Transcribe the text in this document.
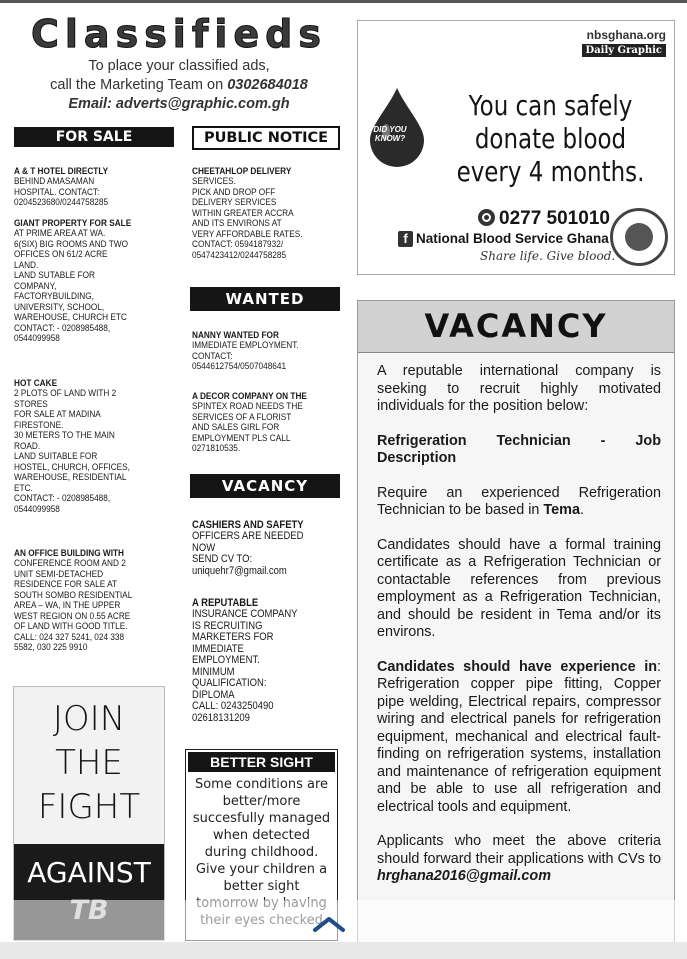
Classifieds
To place your classified ads,
call the Marketing Team on 0302684018
Email: adverts@graphic.com.gh
FOR SALE

A & T HOTEL DIRECTLY
BEHIND AMASAMAN
HOSPITAL. CONTACT:
0204523680/0244758285

GIANT PROPERTY FOR SALE
AT PRIME AREA AT WA.
6(SIX) BIG ROOMS AND TWO
OFFICES ON 61/2 ACRE
LAND.
LAND SUTABLE FOR
COMPANY,
FACTORYBUILDING,
UNIVERSITY, SCHOOL,
WAREHOUSE, CHURCH ETC
CONTACT: - 0208985488,
0544099958

HOT CAKE
2 PLOTS OF LAND WITH 2
STORES
FOR SALE AT MADINA
FIRESTONE.
30 METERS TO THE MAIN
ROAD.
LAND SUITABLE FOR
HOSTEL, CHURCH, OFFICES,
WAREHOUSE, RESIDENTIAL
ETC.
CONTACT: - 0208985488,
0544099958

AN OFFICE BUILDING WITH
CONFERENCE ROOM AND 2
UNIT SEMI-DETACHED
RESIDENCE FOR SALE AT
SOUTH SOMBO RESIDENTIAL
AREA – WA, IN THE UPPER
WEST REGION ON 0.55 ACRE
OF LAND WITH GOOD TITLE.
CALL: 024 327 5241, 024 338
5582, 030 225 9910

PUBLIC NOTICE

CHEETAHLOP DELIVERY
SERVICES.
PICK AND DROP OFF
DELIVERY SERVICES
WITHIN GREATER ACCRA
AND ITS ENVIRONS AT
VERY AFFORDABLE RATES.
CONTACT: 0594187932/
0547423412/0244758285

WANTED

NANNY WANTED FOR
IMMEDIATE EMPLOYMENT.
CONTACT:
0544612754/0507048641

A DECOR COMPANY ON THE
SPINTEX ROAD NEEDS THE
SERVICES OF A FLORIST
AND SALES GIRL FOR
EMPLOYMENT PLS CALL
0271810535.

VACANCY

CASHIERS AND SAFETY
OFFICERS ARE NEEDED
NOW
SEND CV TO:
uniquehr7@gmail.com

A REPUTABLE
INSURANCE COMPANY
IS RECRUITING
MARKETERS FOR
IMMEDIATE
EMPLOYMENT.
MINIMUM
QUALIFICATION:
DIPLOMA
CALL: 0243250490
02618131209

JOIN
THE
FIGHT
AGAINST
BETTER SIGHT
Some conditions are better/more succesfully managed when detected during childhood. Give your children a better sight
nbsghana.org
Daily Graphic
DID YOU KNOW?
You can safely donate blood every 4 months.
0277 501010
f National Blood Service Ghana
Share life. Give blood.
VACANCY

A reputable international company is seeking to recruit highly motivated individuals for the position below:

Refrigeration Technician - Job Description

Require an experienced Refrigeration Technician to be based in Tema.

Candidates should have a formal training certificate as a Refrigeration Technician or contactable references from previous employment as a Refrigeration Technician, and should be resident in Tema and/or its environs.

Candidates should have experience in: Refrigeration copper pipe fitting, Copper pipe welding, Electrical repairs, compressor wiring and electrical panels for refrigeration equipment, mechanical and electrical fault-finding on refrigeration systems, installation and maintenance of refrigeration equipment and be able to use all refrigeration and electrical tools and equipment.

Applicants who meet the above criteria should forward their applications with CVs to hrghana2016@gmail.com
